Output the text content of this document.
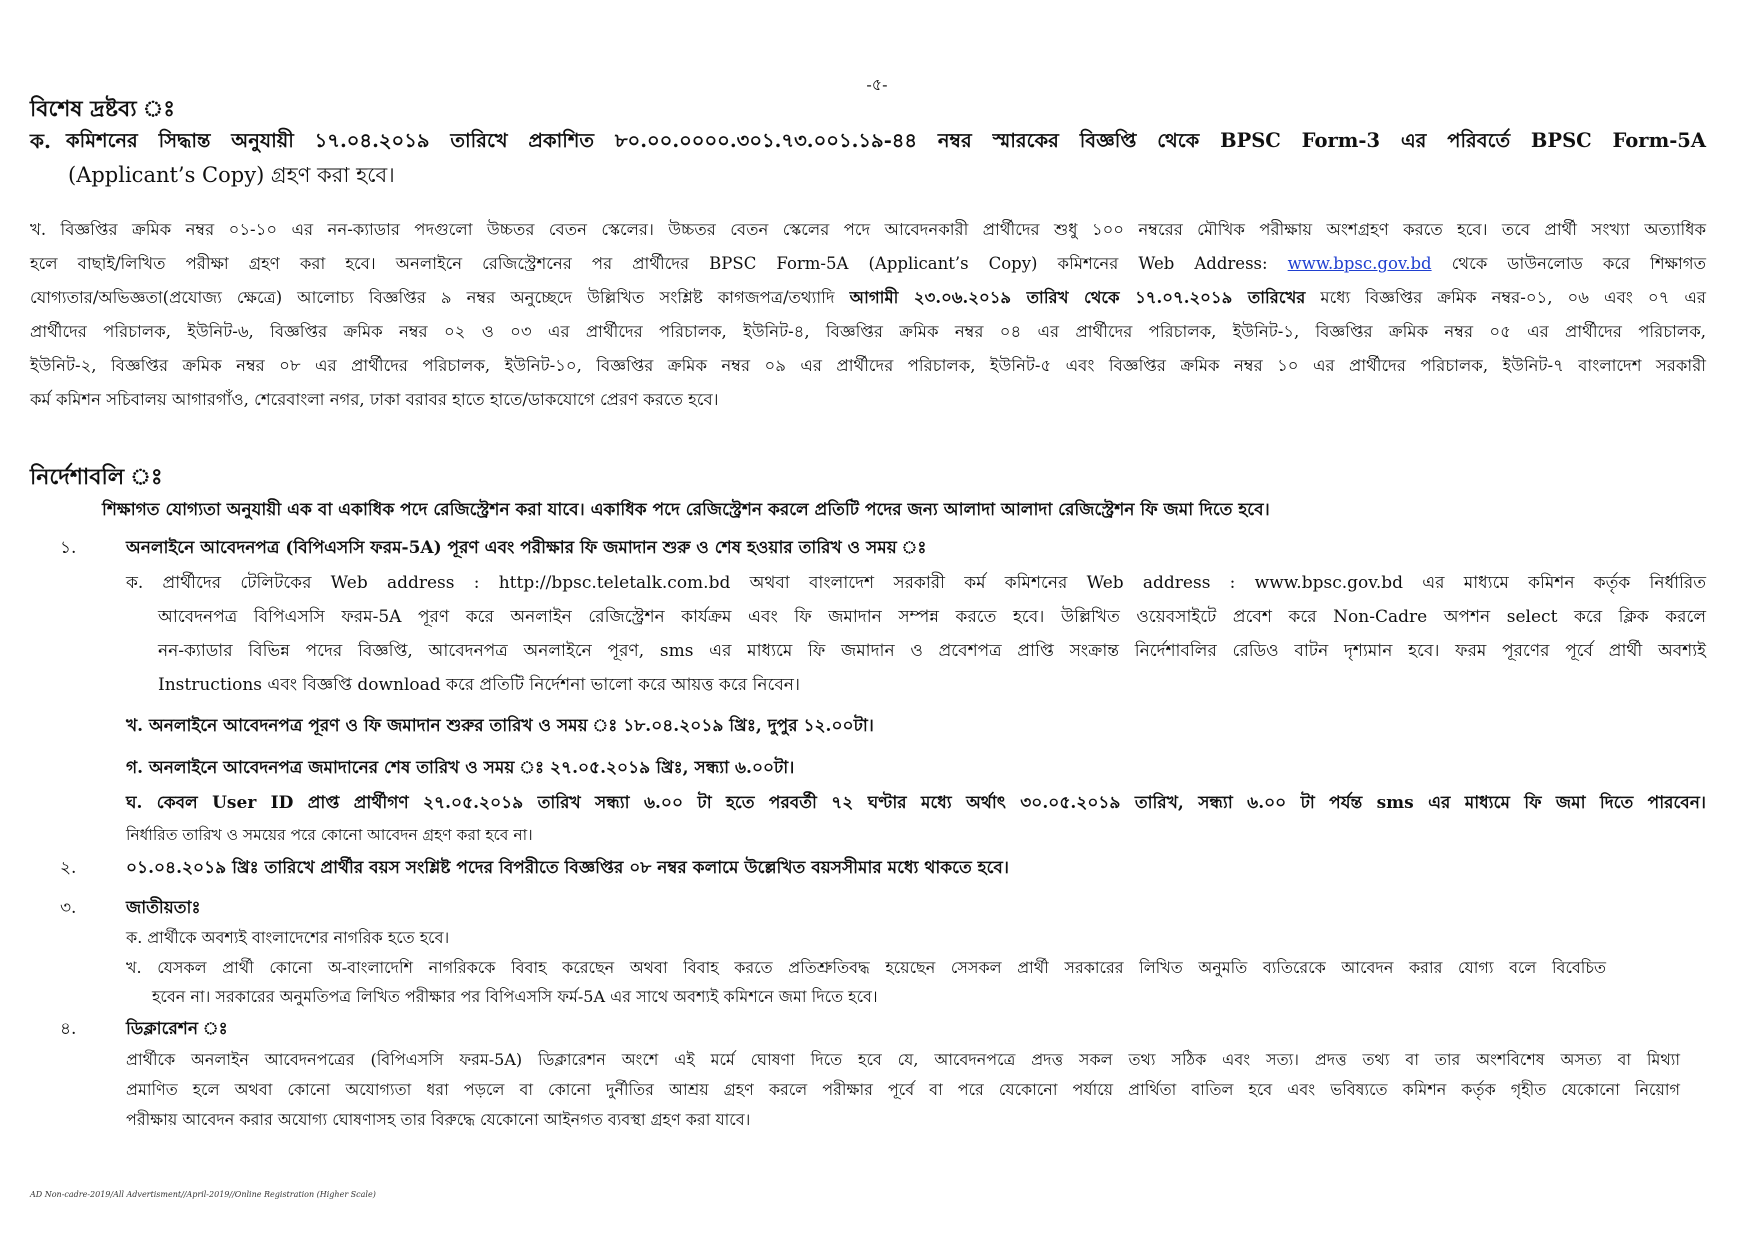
-৫-
বিশেষ দ্রষ্টব্য ঃ
ক. কমিশনের সিদ্ধান্ত অনুযায়ী ১৭.০৪.২০১৯ তারিখে প্রকাশিত ৮০.০০.০০০০.৩০১.৭৩.০০১.১৯-৪৪ নম্বর স্মারকের বিজ্ঞপ্তি থেকে BPSC Form-3 এর পরিবর্তে BPSC Form-5A
(Applicant’s Copy) গ্রহণ করা হবে।
খ. বিজ্ঞপ্তির ক্রমিক নম্বর ০১-১০ এর নন-ক্যাডার পদগুলো উচ্চতর বেতন স্কেলের। উচ্চতর বেতন স্কেলের পদে আবেদনকারী প্রার্থীদের শুধু ১০০ নম্বরের মৌখিক পরীক্ষায় অংশগ্রহণ করতে হবে। তবে প্রার্থী সংখ্যা অত্যাধিক
হলে বাছাই/লিখিত পরীক্ষা গ্রহণ করা হবে। অনলাইনে রেজিস্ট্রেশনের পর প্রার্থীদের BPSC Form-5A (Applicant’s Copy) কমিশনের Web Address: www.bpsc.gov.bd থেকে ডাউনলোড করে শিক্ষাগত
যোগ্যতার/অভিজ্ঞতা(প্রযোজ্য ক্ষেত্রে) আলোচ্য বিজ্ঞপ্তির ৯ নম্বর অনুচ্ছেদে উল্লিখিত সংশ্লিষ্ট কাগজপত্র/তথ্যাদি আগামী ২৩.০৬.২০১৯ তারিখ থেকে ১৭.০৭.২০১৯ তারিখের মধ্যে বিজ্ঞপ্তির ক্রমিক নম্বর-০১, ০৬ এবং ০৭ এর
প্রার্থীদের পরিচালক, ইউনিট-৬, বিজ্ঞপ্তির ক্রমিক নম্বর ০২ ও ০৩ এর প্রার্থীদের পরিচালক, ইউনিট-৪, বিজ্ঞপ্তির ক্রমিক নম্বর ০৪ এর প্রার্থীদের পরিচালক, ইউনিট-১, বিজ্ঞপ্তির ক্রমিক নম্বর ০৫ এর প্রার্থীদের পরিচালক,
ইউনিট-২, বিজ্ঞপ্তির ক্রমিক নম্বর ০৮ এর প্রার্থীদের পরিচালক, ইউনিট-১০, বিজ্ঞপ্তির ক্রমিক নম্বর ০৯ এর প্রার্থীদের পরিচালক, ইউনিট-৫ এবং বিজ্ঞপ্তির ক্রমিক নম্বর ১০ এর প্রার্থীদের পরিচালক, ইউনিট-৭ বাংলাদেশ সরকারী
কর্ম কমিশন সচিবালয় আগারগাঁও, শেরেবাংলা নগর, ঢাকা বরাবর হাতে হাতে/ডাকযোগে প্রেরণ করতে হবে।
নির্দেশাবলি ঃ
শিক্ষাগত যোগ্যতা অনুযায়ী এক বা একাধিক পদে রেজিস্ট্রেশন করা যাবে। একাধিক পদে রেজিস্ট্রেশন করলে প্রতিটি পদের জন্য আলাদা আলাদা রেজিস্ট্রেশন ফি জমা দিতে হবে।
১.	অনলাইনে আবেদনপত্র (বিপিএসসি ফরম-5A) পূরণ এবং পরীক্ষার ফি জমাদান শুরু ও শেষ হওয়ার তারিখ ও সময় ঃ
ক. প্রার্থীদের টেলিটকের Web address : http://bpsc.teletalk.com.bd অথবা বাংলাদেশ সরকারী কর্ম কমিশনের Web address : www.bpsc.gov.bd এর মাধ্যমে কমিশন কর্তৃক নির্ধারিত
আবেদনপত্র বিপিএসসি ফরম-5A পূরণ করে অনলাইন রেজিস্ট্রেশন কার্যক্রম এবং ফি জমাদান সম্পন্ন করতে হবে। উল্লিখিত ওয়েবসাইটে প্রবেশ করে Non-Cadre অপশন select করে ক্লিক করলে
নন-ক্যাডার বিভিন্ন পদের বিজ্ঞপ্তি, আবেদনপত্র অনলাইনে পূরণ, sms এর মাধ্যমে ফি জমাদান ও প্রবেশপত্র প্রাপ্তি সংক্রান্ত নির্দেশাবলির রেডিও বাটন দৃশ্যমান হবে। ফরম পূরণের পূর্বে প্রার্থী অবশ্যই
Instructions এবং বিজ্ঞপ্তি download করে প্রতিটি নির্দেশনা ভালো করে আয়ত্ত করে নিবেন।
খ. অনলাইনে আবেদনপত্র পূরণ ও ফি জমাদান শুরুর তারিখ ও সময় ঃ ১৮.০৪.২০১৯ খ্রিঃ, দুপুর ১২.০০টা।
গ. অনলাইনে আবেদনপত্র জমাদানের শেষ তারিখ ও সময় ঃ ২৭.০৫.২০১৯ খ্রিঃ, সন্ধ্যা ৬.০০টা।
ঘ. কেবল User ID প্রাপ্ত প্রার্থীগণ ২৭.০৫.২০১৯ তারিখ সন্ধ্যা ৬.০০ টা হতে পরবর্তী ৭২ ঘণ্টার মধ্যে অর্থাৎ ৩০.০৫.২০১৯ তারিখ, সন্ধ্যা ৬.০০ টা পর্যন্ত sms এর মাধ্যমে ফি জমা দিতে পারবেন।
নির্ধারিত তারিখ ও সময়ের পরে কোনো আবেদন গ্রহণ করা হবে না।
২.	০১.০৪.২০১৯ খ্রিঃ তারিখে প্রার্থীর বয়স সংশ্লিষ্ট পদের বিপরীতে বিজ্ঞপ্তির ০৮ নম্বর কলামে উল্লেখিত বয়সসীমার মধ্যে থাকতে হবে।
৩.	জাতীয়তাঃ
ক. প্রার্থীকে অবশ্যই বাংলাদেশের নাগরিক হতে হবে।
খ. যেসকল প্রার্থী কোনো অ-বাংলাদেশি নাগরিককে বিবাহ করেছেন অথবা বিবাহ করতে প্রতিশ্রুতিবদ্ধ হয়েছেন সেসকল প্রার্থী সরকারের লিখিত অনুমতি ব্যতিরেকে আবেদন করার যোগ্য বলে বিবেচিত
হবেন না। সরকারের অনুমতিপত্র লিখিত পরীক্ষার পর বিপিএসসি ফর্ম-5A এর সাথে অবশ্যই কমিশনে জমা দিতে হবে।
৪.	ডিক্লারেশন ঃ
প্রার্থীকে অনলাইন আবেদনপত্রের (বিপিএসসি ফরম-5A) ডিক্লারেশন অংশে এই মর্মে ঘোষণা দিতে হবে যে, আবেদনপত্রে প্রদত্ত সকল তথ্য সঠিক এবং সত্য। প্রদত্ত তথ্য বা তার অংশবিশেষ অসত্য বা মিথ্যা
প্রমাণিত হলে অথবা কোনো অযোগ্যতা ধরা পড়লে বা কোনো দুর্নীতির আশ্রয় গ্রহণ করলে পরীক্ষার পূর্বে বা পরে যেকোনো পর্যায়ে প্রার্থিতা বাতিল হবে এবং ভবিষ্যতে কমিশন কর্তৃক গৃহীত যেকোনো নিয়োগ
পরীক্ষায় আবেদন করার অযোগ্য ঘোষণাসহ তার বিরুদ্ধে যেকোনো আইনগত ব্যবস্থা গ্রহণ করা যাবে।
AD Non-cadre-2019/All Advertisment//April-2019//Online Registration (Higher Scale)
